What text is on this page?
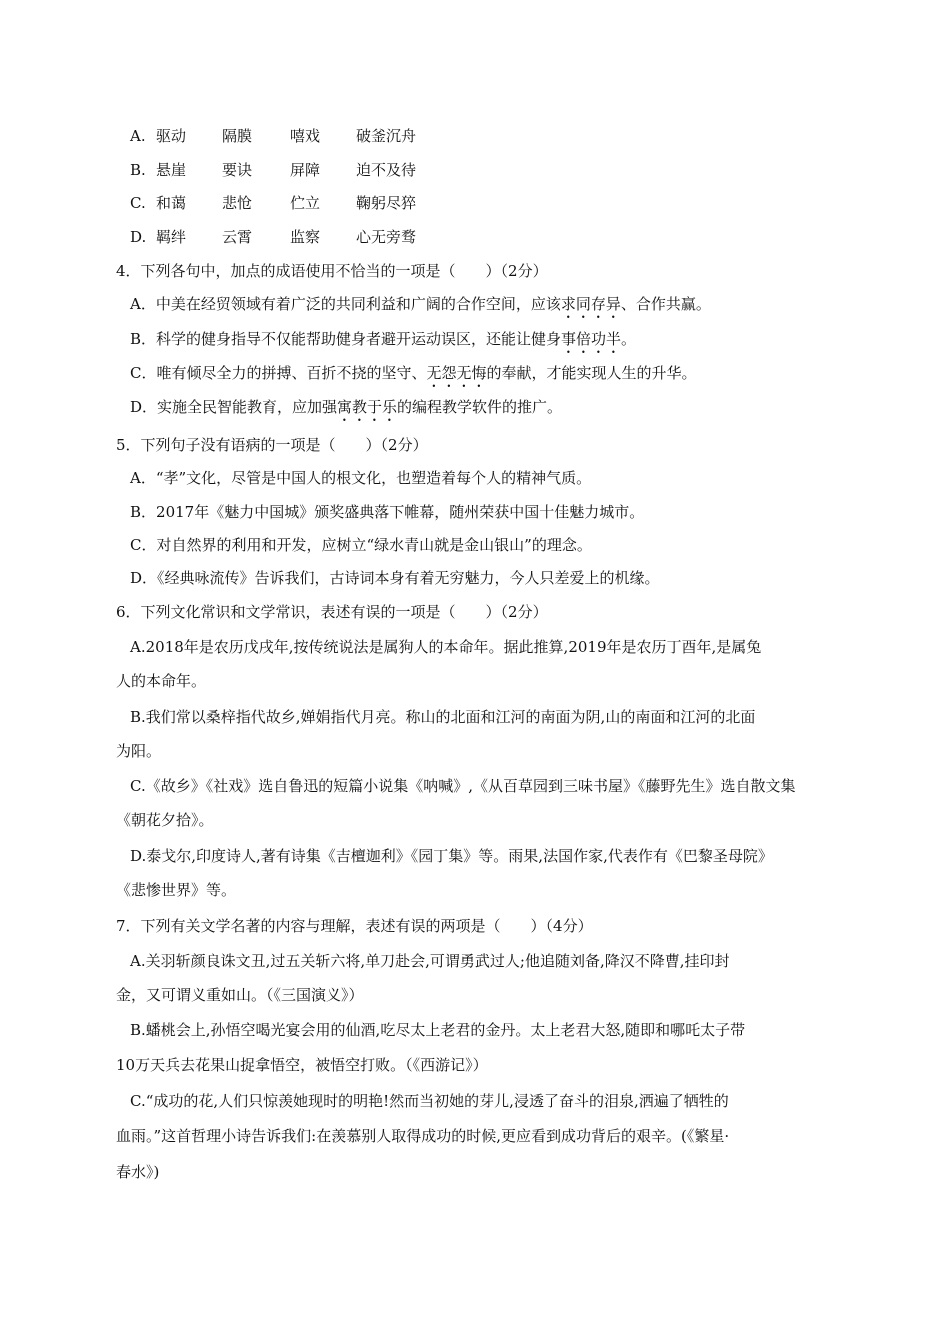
A. 驱动 隔膜	嘻戏 破釜沉舟
B. 悬崖 要诀	屏障 迫不及待
C. 和蔼 悲怆	伫立 鞠躬尽猝
D. 羁绊 云霄	监察 心无旁骛
4．下列各句中，加点的成语使用不恰当的一项是（　　）（2分）
A．中美在经贸领域有着广泛的共同利益和广阔的合作空间，应该求同存异、合作共赢。
B．科学的健身指导不仅能帮助健身者避开运动误区，还能让健身事倍功半。
C．唯有倾尽全力的拼搏、百折不挠的坚守、无怨无悔的奉献，才能实现人生的升华。
D．实施全民智能教育，应加强寓教于乐的编程教学软件的推广。
5．下列句子没有语病的一项是（　　）（2分）
A．“孝”文化，尽管是中国人的根文化，也塑造着每个人的精神气质。
B．2017年《魅力中国城》颁奖盛典落下帷幕，随州荣获中国十佳魅力城市。
C．对自然界的利用和开发，应树立“绿水青山就是金山银山”的理念。
D．《经典咏流传》告诉我们，古诗词本身有着无穷魅力，今人只差爱上的机缘。
6．下列文化常识和文学常识，表述有误的一项是（　　）（2分）
A.2018年是农历戊戌年,按传统说法是属狗人的本命年。据此推算,2019年是农历丁酉年,是属兔
人的本命年。
B.我们常以桑梓指代故乡,婵娟指代月亮。称山的北面和江河的南面为阴,山的南面和江河的北面
为阳。
C.《故乡》《社戏》选自鲁迅的短篇小说集《呐喊》,《从百草园到三味书屋》《藤野先生》选自散文集
《朝花夕拾》。
D.泰戈尔,印度诗人,著有诗集《吉檀迦利》《园丁集》等。雨果,法国作家,代表作有《巴黎圣母院》
《悲惨世界》等。
7．下列有关文学名著的内容与理解，表述有误的两项是（　　）（4分）
A.关羽斩颜良诛文丑,过五关斩六将,单刀赴会,可谓勇武过人;他追随刘备,降汉不降曹,挂印封
金，又可谓义重如山。（《三国演义》）
B.蟠桃会上,孙悟空喝光宴会用的仙酒,吃尽太上老君的金丹。太上老君大怒,随即和哪吒太子带
10万天兵去花果山捉拿悟空，被悟空打败。（《西游记》）
C.“成功的花,人们只惊羡她现时的明艳!然而当初她的芽儿,浸透了奋斗的泪泉,洒遍了牺牲的
血雨。”这首哲理小诗告诉我们:在羡慕别人取得成功的时候,更应看到成功背后的艰辛。(《繁星·
春水》)
